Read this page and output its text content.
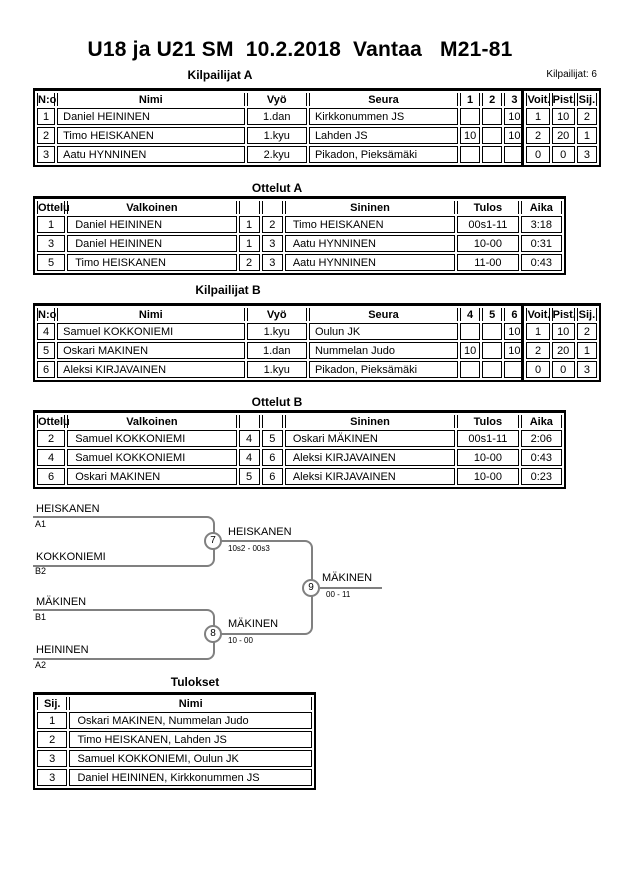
U18 ja U21 SM  10.2.2018  Vantaa   M21-81
Kilpailijat: 6
Kilpailijat A
Ottelut A
Kilpailijat B
Ottelut B
Tulokset
N:o	Nimi	Vyö	Seura	1	2	3	Voit.	Pist.	Sij.
1	Daniel HEININEN	1.dan	Kirkkonummen JS			10	1	10	2
2	Timo HEISKANEN	1.kyu	Lahden JS	10		10	2	20	1
3	Aatu HYNNINEN	2.kyu	Pikadon, Pieksämäki				0	0	3
Ottelu	Valkoinen			Sininen	Tulos	Aika
1	Daniel HEININEN	1	2	Timo HEISKANEN	00s1-11	3:18
3	Daniel HEININEN	1	3	Aatu HYNNINEN	10-00	0:31
5	Timo HEISKANEN	2	3	Aatu HYNNINEN	11-00	0:43
N:o	Nimi	Vyö	Seura	4	5	6	Voit.	Pist.	Sij.
4	Samuel KOKKONIEMI	1.kyu	Oulun JK			10	1	10	2
5	Oskari MAKINEN	1.dan	Nummelan Judo	10		10	2	20	1
6	Aleksi KIRJAVAINEN	1.kyu	Pikadon, Pieksämäki				0	0	3
Ottelu	Valkoinen			Sininen	Tulos	Aika
2	Samuel KOKKONIEMI	4	5	Oskari MÄKINEN	00s1-11	2:06
4	Samuel KOKKONIEMI	4	6	Aleksi KIRJAVAINEN	10-00	0:43
6	Oskari MAKINEN	5	6	Aleksi KIRJAVAINEN	10-00	0:23
7
8
9
HEISKANEN
A1
KOKKONIEMI
B2
MÄKINEN
B1
HEININEN
A2
HEISKANEN
10s2 - 00s3
MÄKINEN
10 - 00
MÄKINEN
00 - 11
Sij.	Nimi
1	Oskari MAKINEN, Nummelan Judo
2	Timo HEISKANEN, Lahden JS
3	Samuel KOKKONIEMI, Oulun JK
3	Daniel HEININEN, Kirkkonummen JS
